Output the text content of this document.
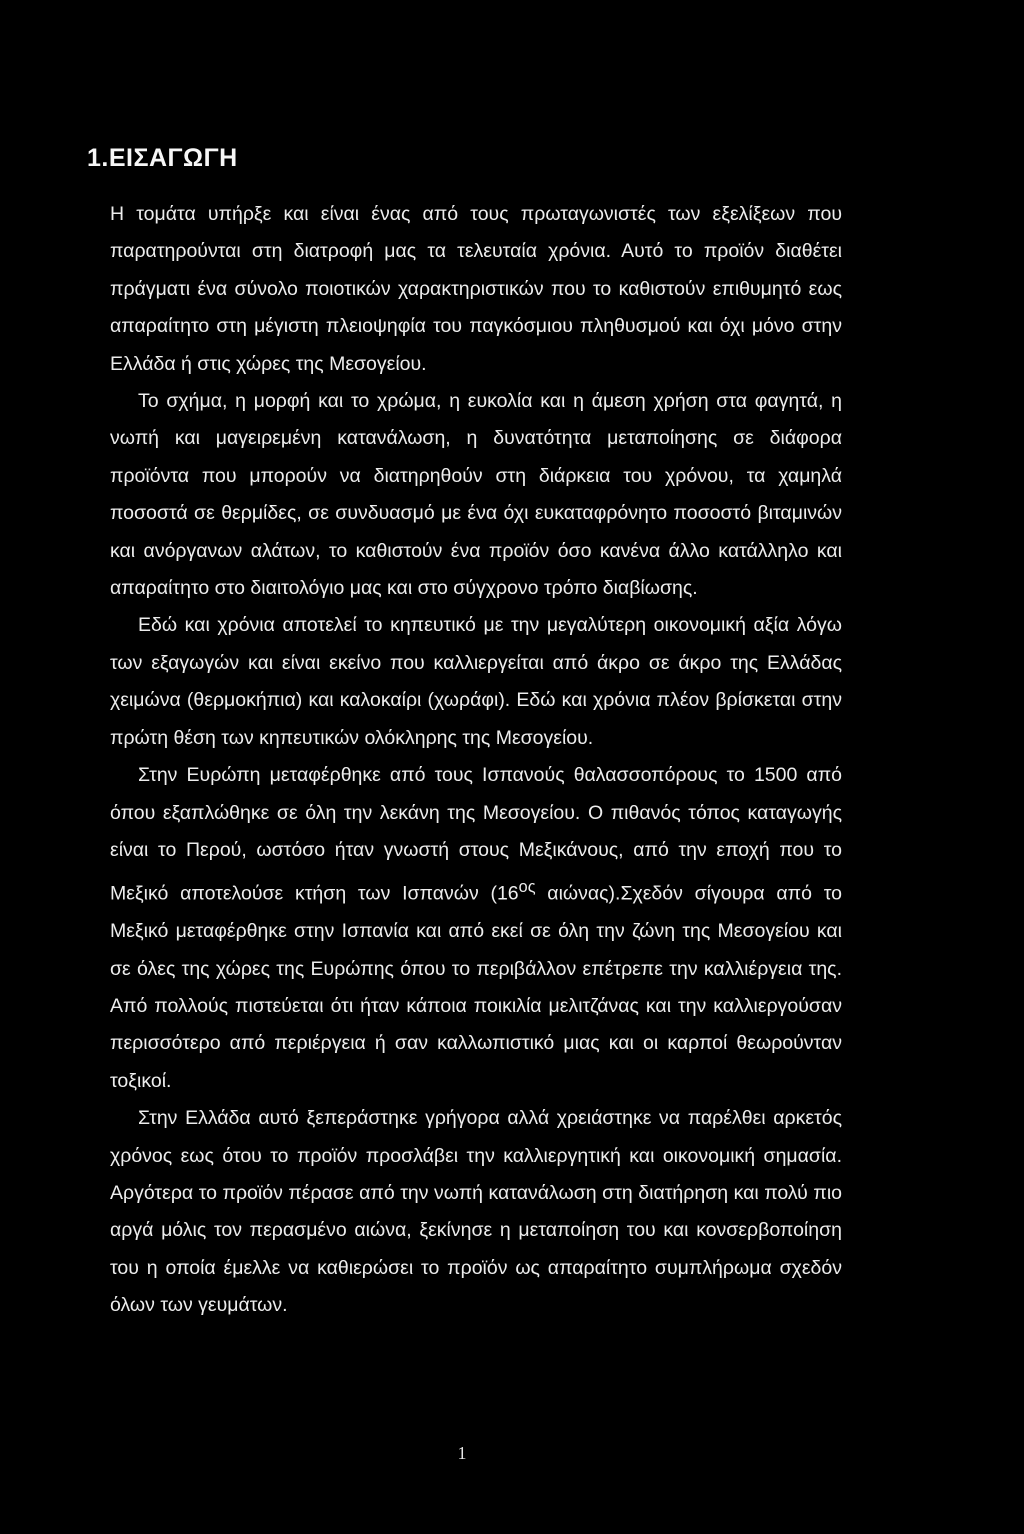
1.ΕΙΣΑΓΩΓΗ

Η τομάτα υπήρξε και είναι ένας από τους πρωταγωνιστές των εξελίξεων που παρατηρούνται στη διατροφή μας τα τελευταία χρόνια. Αυτό το προϊόν διαθέτει πράγματι ένα σύνολο ποιοτικών χαρακτηριστικών που το καθιστούν επιθυμητό εως απαραίτητο στη μέγιστη πλειοψηφία του παγκόσμιου πληθυσμού και όχι μόνο στην Ελλάδα ή στις χώρες της Μεσογείου.

Το σχήμα, η μορφή και το χρώμα, η ευκολία και η άμεση χρήση στα φαγητά, η νωπή και μαγειρεμένη κατανάλωση, η δυνατότητα μεταποίησης σε διάφορα προϊόντα που μπορούν να διατηρηθούν στη διάρκεια του χρόνου, τα χαμηλά ποσοστά σε θερμίδες, σε συνδυασμό με ένα όχι ευκαταφρόνητο ποσοστό βιταμινών και ανόργανων αλάτων, το καθιστούν ένα προϊόν όσο κανένα άλλο κατάλληλο και απαραίτητο στο διαιτολόγιο μας και στο σύγχρονο τρόπο διαβίωσης.

Εδώ και χρόνια αποτελεί το κηπευτικό με την μεγαλύτερη οικονομική αξία λόγω των εξαγωγών και είναι εκείνο που καλλιεργείται από άκρο σε άκρο της Ελλάδας χειμώνα (θερμοκήπια) και καλοκαίρι (χωράφι). Εδώ και χρόνια πλέον βρίσκεται στην πρώτη θέση των κηπευτικών ολόκληρης της Μεσογείου.

Στην Ευρώπη μεταφέρθηκε από τους Ισπανούς θαλασσοπόρους το 1500 από όπου εξαπλώθηκε σε όλη την λεκάνη της Μεσογείου. Ο πιθανός τόπος καταγωγής είναι το Περού, ωστόσο ήταν γνωστή στους Μεξικάνους, από την εποχή που το Μεξικό αποτελούσε κτήση των Ισπανών ($16^{o\varsigma}$ αιώνας).Σχεδόν σίγουρα από το Μεξικό μεταφέρθηκε στην Ισπανία και από εκεί σε όλη την ζώνη της Μεσογείου και σε όλες της χώρες της Ευρώπης όπου το περιβάλλον επέτρεπε την καλλιέργεια της. Από πολλούς πιστεύεται ότι ήταν κάποια ποικιλία μελιτζάνας και την καλλιεργούσαν περισσότερο από περιέργεια ή σαν καλλωπιστικό μιας και οι καρποί θεωρούνταν τοξικοί.

Στην Ελλάδα αυτό ξεπεράστηκε γρήγορα αλλά χρειάστηκε να παρέλθει αρκετός χρόνος εως ότου το προϊόν προσλάβει την καλλιεργητική και οικονομική σημασία. Αργότερα το προϊόν πέρασε από την νωπή κατανάλωση στη διατήρηση και πολύ πιο αργά μόλις τον περασμένο αιώνα, ξεκίνησε η μεταποίηση του και κονσερβοποίηση του η οποία έμελλε να καθιερώσει το προϊόν ως απαραίτητο συμπλήρωμα σχεδόν όλων των γευμάτων.

1
